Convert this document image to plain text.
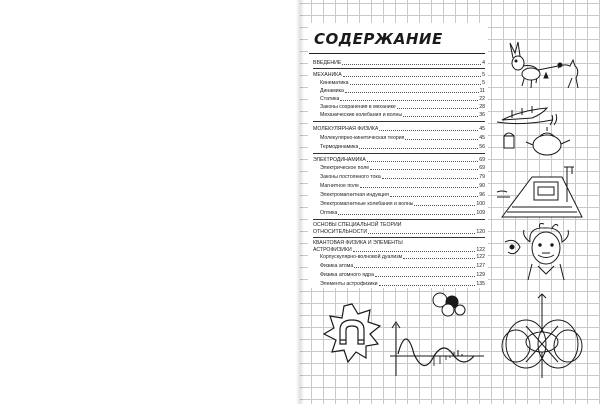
СОДЕРЖАНИЕ
ВВЕДЕНИЕ	4
МЕХАНИКА	5
Кинематика	5
Динамика	11
Статика	22
Законы сохранения в механике	28
Механические колебания и волны	36
МОЛЕКУЛЯРНАЯ ФИЗИКА	45
Молекулярно-кинетическая теория	45
Термодинамика	56
ЭЛЕКТРОДИНАМИКА	69
Электрическое поле	69
Законы постоянного тока	79
Магнитное поле	90
Электромагнитная индукция	96
Электромагнитные колебания и волны	100
Оптика	109
ОСНОВЫ СПЕЦИАЛЬНОЙ ТЕОРИИ
ОТНОСИТЕЛЬНОСТИ	120
КВАНТОВАЯ ФИЗИКА И ЭЛЕМЕНТЫ
АСТРОФИЗИКИ	122
Корпускулярно-волновой дуализм	122
Физика атома	127
Физика атомного ядра	129
Элементы астрофизики	135
